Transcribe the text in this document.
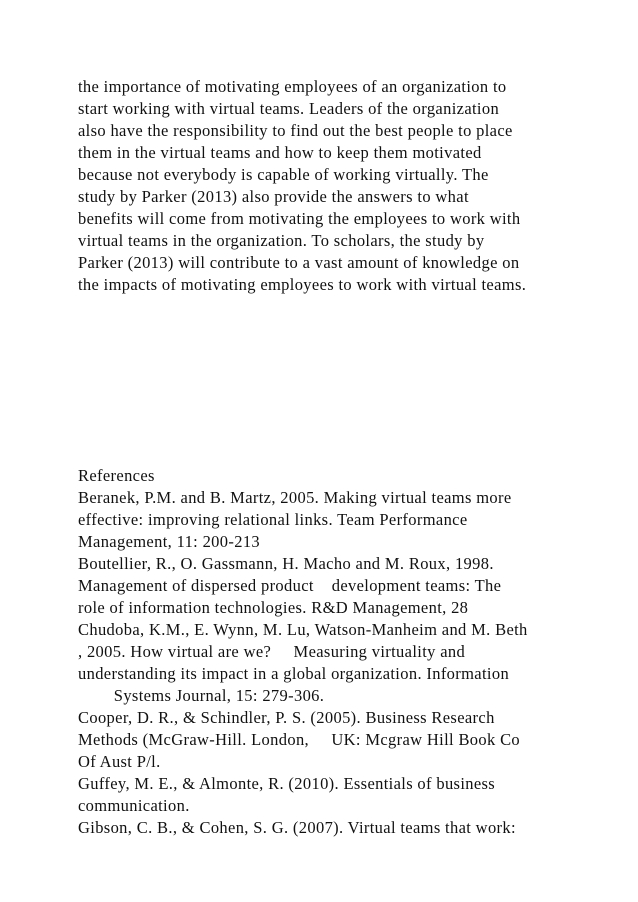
the importance of motivating employees of an organization to

start working with virtual teams. Leaders of the organization

also have the responsibility to find out the best people to place

them in the virtual teams and how to keep them motivated

because not everybody is capable of working virtually. The

study by Parker (2013) also provide the answers to what

benefits will come from motivating the employees to work with

virtual teams in the organization. To scholars, the study by

Parker (2013) will contribute to a vast amount of knowledge on

the impacts of motivating employees to work with virtual teams.

References

Beranek, P.M. and B. Martz, 2005. Making virtual teams more

effective: improving relational links. Team Performance

Management, 11: 200-213

Boutellier, R., O. Gassmann, H. Macho and M. Roux, 1998.

Management of dispersed product    development teams: The

role of information technologies. R&D Management, 28

Chudoba, K.M., E. Wynn, M. Lu, Watson-Manheim and M. Beth

, 2005. How virtual are we?     Measuring virtuality and

understanding its impact in a global organization. Information

Systems Journal, 15: 279-306.

Cooper, D. R., & Schindler, P. S. (2005). Business Research

Methods (McGraw-Hill. London,     UK: Mcgraw Hill Book Co

Of Aust P/l.

Guffey, M. E., & Almonte, R. (2010). Essentials of business

communication.

Gibson, C. B., & Cohen, S. G. (2007). Virtual teams that work:
